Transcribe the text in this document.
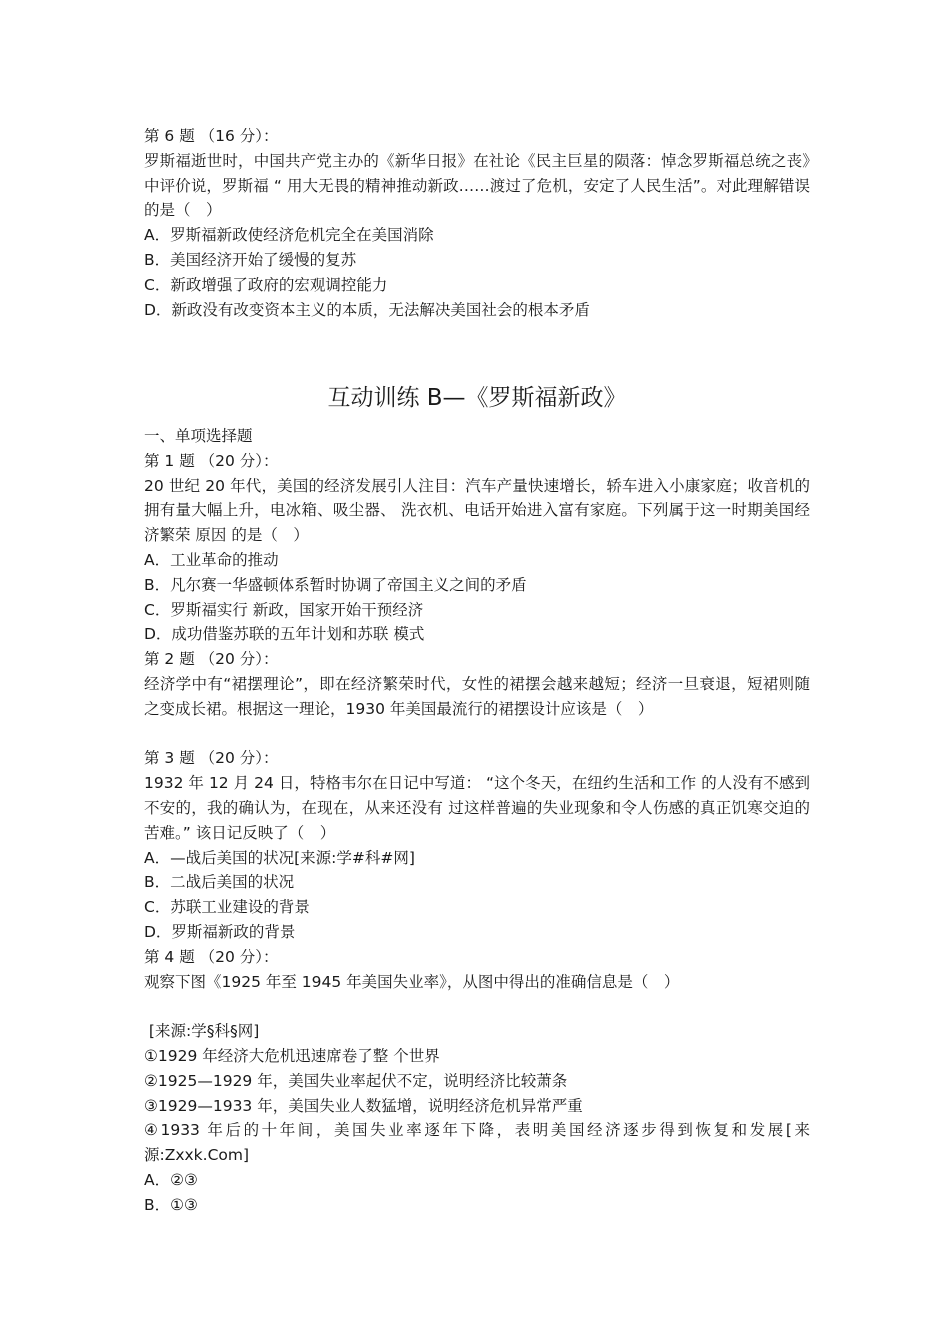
第 6 题 （16 分）：
罗斯福逝世时，中国共产党主办的《新华日报》在社论《民主巨星的陨落：悼念罗斯福总统之丧》中评价说，罗斯福 “ 用大无畏的精神推动新政……渡过了危机，安定了人民生活”。对此理解错误的是（　）
A．罗斯福新政使经济危机完全在美国消除
B．美国经济开始了缓慢的复苏
C．新政增强了政府的宏观调控能力
D．新政没有改变资本主义的本质，无法解决美国社会的根本矛盾
互动训练 B—《罗斯福新政》
一、单项选择题
第 1 题 （20 分）：
20 世纪 20 年代，美国的经济发展引人注目：汽车产量快速增长，轿车进入小康家庭；收音机的拥有量大幅上升，电冰箱、吸尘器、 洗衣机、电话开始进入富有家庭。下列属于这一时期美国经济繁荣 原因 的是（　）
A．工业革命的推动
B．凡尔赛一华盛顿体系暂时协调了帝国主义之间的矛盾
C．罗斯福实行 新政，国家开始干预经济
D．成功借鉴苏联的五年计划和苏联 模式
第 2 题 （20 分）：
经济学中有“裙摆理论”，即在经济繁荣时代，女性的裙摆会越来越短；经济一旦衰退，短裙则随之变成长裙。根据这一理论，1930 年美国最流行的裙摆设计应该是（　）
第 3 题 （20 分）：
1932 年 12 月 24 日，特格韦尔在日记中写道： “这个冬天，在纽约生活和工作 的人没有不感到不安的，我的确认为，在现在，从来还没有 过这样普遍的失业现象和令人伤感的真正饥寒交迫的苦难。” 该日记反映了（　）
A．—战后美国的状况[来源:学#科#网]
B．二战后美国的状况
C．苏联工业建设的背景
D．罗斯福新政的背景
第 4 题 （20 分）：
观察下图《1925 年至 1945 年美国失业率》，从图中得出的准确信息是（　）
[来源:学§科§网]
①1929 年经济大危机迅速席卷了整 个世界
②1925—1929 年，美国失业率起伏不定，说明经济比较萧条
③1929—1933 年，美国失业人数猛增，说明经济危机异常严重
④1933 年后的十年间，美国失业率逐年下降，表明美国经济逐步得到恢复和发展[来源:Zxxk.Com]
A．②③
B．①③
